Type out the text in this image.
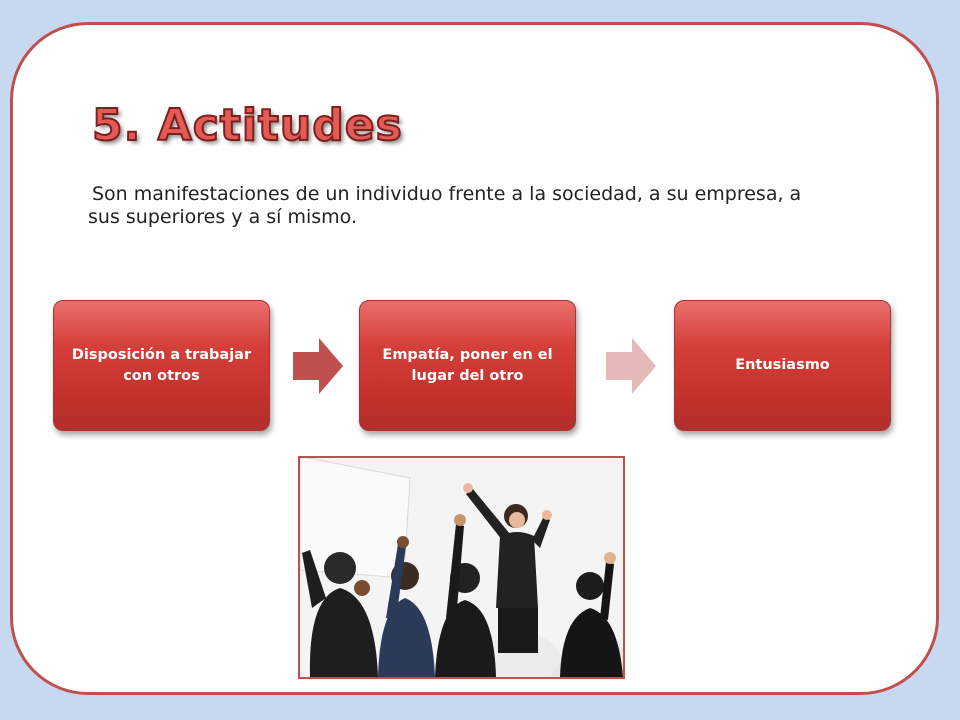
5. Actitudes

Son manifestaciones de un individuo frente a la sociedad, a su empresa, a sus superiores y a sí mismo.

Disposición a trabajar con otros
Empatía, poner en el lugar del otro
Entusiasmo
